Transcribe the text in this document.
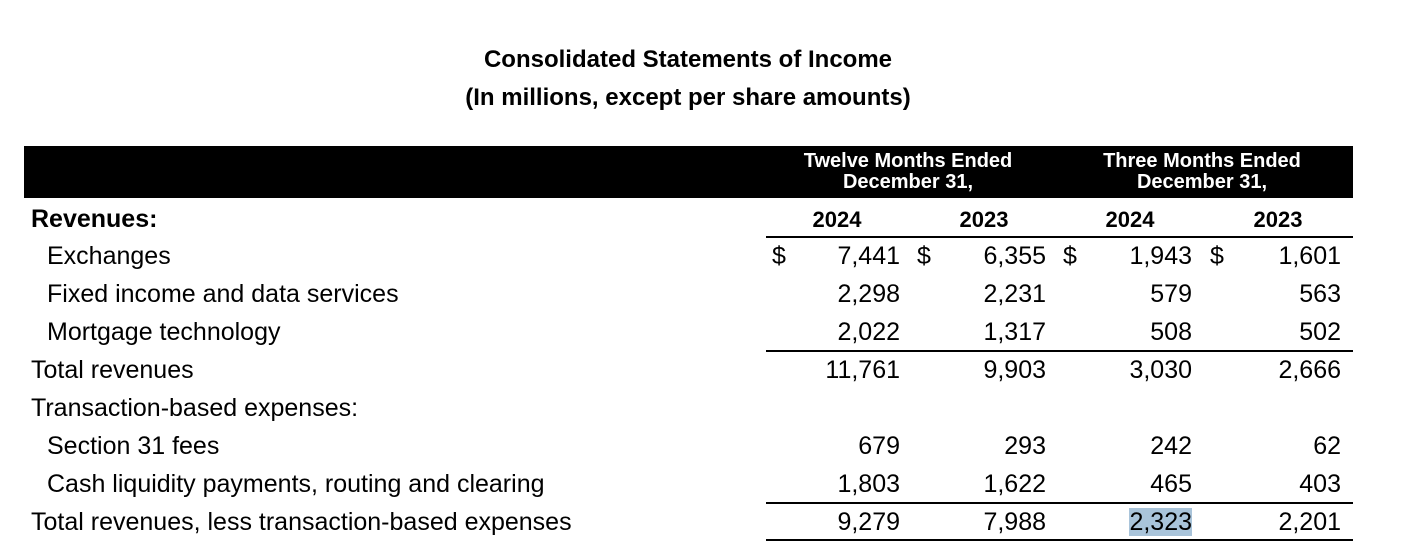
Consolidated Statements of Income
(In millions, except per share amounts)
Twelve Months Ended
December 31,
Three Months Ended
December 31,
Revenues:	2024	2023	2024	2023
Exchanges	$	7,441 $	6,355 $	1,943 $	1,601
Fixed income and data services	2,298	2,231	579	563
Mortgage technology	2,022	1,317	508	502
Total revenues	11,761	9,903	3,030	2,666
Transaction-based expenses:
Section 31 fees	679	293	242	62
Cash liquidity payments, routing and clearing	1,803	1,622	465	403
Total revenues, less transaction-based expenses	9,279	7,988	2,323	2,201
